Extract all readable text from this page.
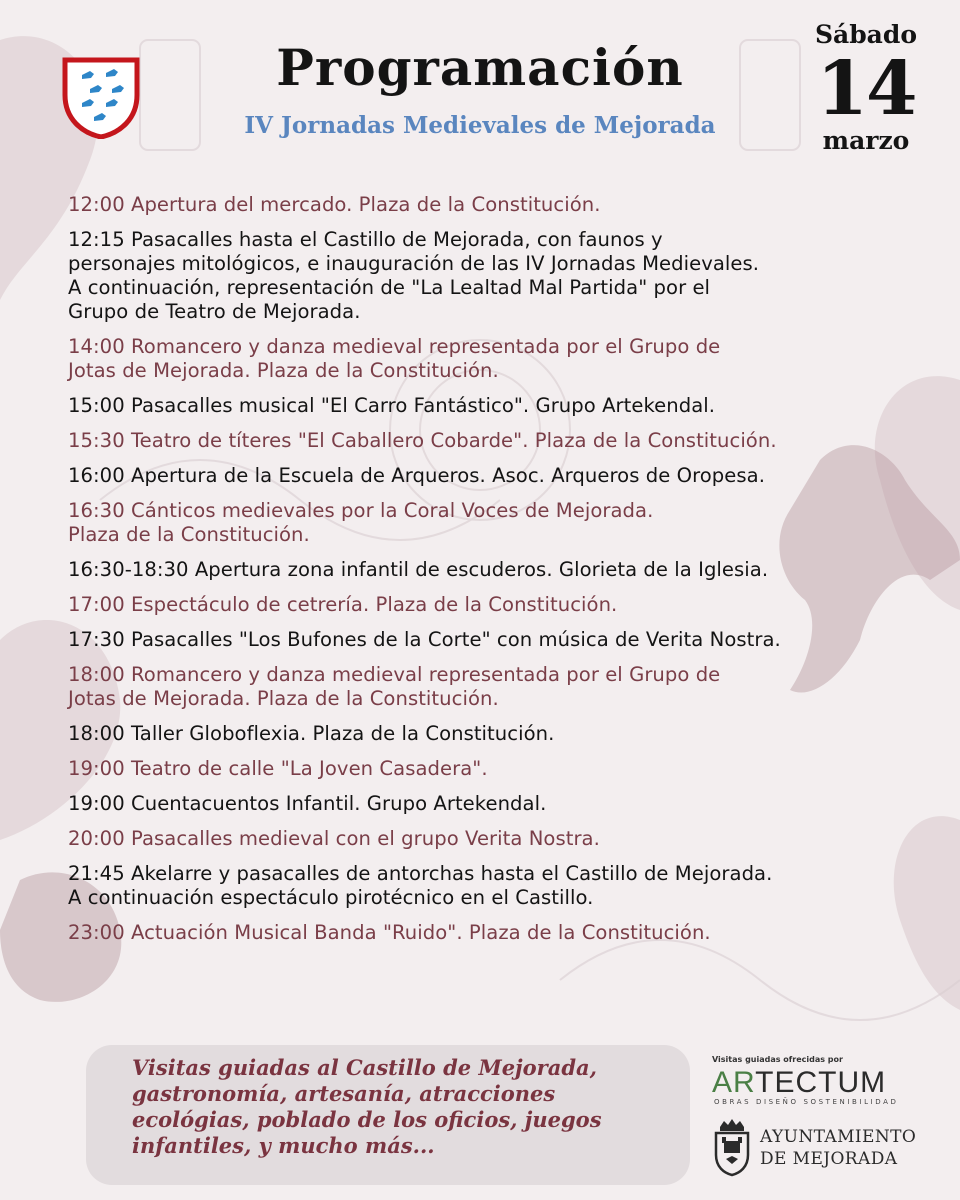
Programación
IV Jornadas Medievales de Mejorada
Sábado
14
marzo
12:00 Apertura del mercado. Plaza de la Constitución.
12:15 Pasacalles hasta el Castillo de Mejorada, con faunos y
personajes mitológicos, e inauguración de las IV Jornadas Medievales.
A continuación, representación de "La Lealtad Mal Partida" por el
Grupo de Teatro de Mejorada.
14:00 Romancero y danza medieval representada por el Grupo de
Jotas de Mejorada. Plaza de la Constitución.
15:00 Pasacalles musical "El Carro Fantástico". Grupo Artekendal.
15:30 Teatro de títeres "El Caballero Cobarde". Plaza de la Constitución.
16:00 Apertura de la Escuela de Arqueros. Asoc. Arqueros de Oropesa.
16:30 Cánticos medievales por la Coral Voces de Mejorada.
Plaza de la Constitución.
16:30-18:30 Apertura zona infantil de escuderos. Glorieta de la Iglesia.
17:00 Espectáculo de cetrería. Plaza de la Constitución.
17:30 Pasacalles "Los Bufones de la Corte" con música de Verita Nostra.
18:00 Romancero y danza medieval representada por el Grupo de
Jotas de Mejorada. Plaza de la Constitución.
18:00 Taller Globoflexia. Plaza de la Constitución.
19:00 Teatro de calle "La Joven Casadera".
19:00 Cuentacuentos Infantil. Grupo Artekendal.
20:00 Pasacalles medieval con el grupo Verita Nostra.
21:45 Akelarre y pasacalles de antorchas hasta el Castillo de Mejorada.
A continuación espectáculo pirotécnico en el Castillo.
23:00 Actuación Musical Banda "Ruido". Plaza de la Constitución.
Visitas guiadas al Castillo de Mejorada,
gastronomía, artesanía, atracciones
ecológias, poblado de los oficios, juegos
infantiles, y mucho más...
Visitas guiadas ofrecidas por
ARTECTUM
OBRAS DISEÑO SOSTENIBILIDAD
AYUNTAMIENTO
DE MEJORADA
